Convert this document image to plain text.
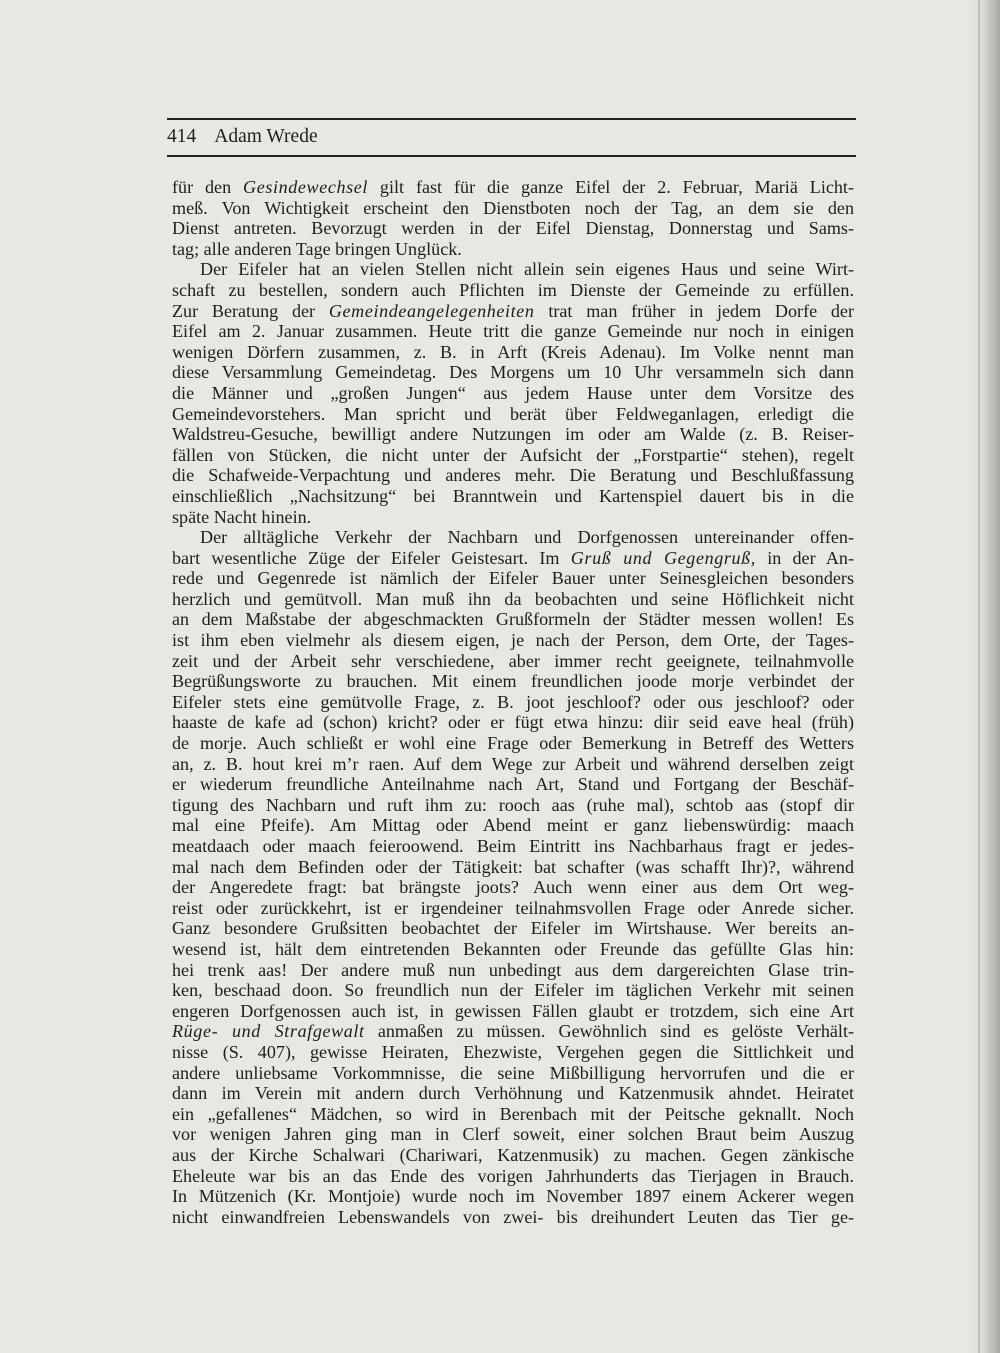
414 Adam Wrede
für den Gesindewechsel gilt fast für die ganze Eifel der 2. Februar, Mariä Licht-
meß. Von Wichtigkeit erscheint den Dienstboten noch der Tag, an dem sie den
Dienst antreten. Bevorzugt werden in der Eifel Dienstag, Donnerstag und Sams-
tag; alle anderen Tage bringen Unglück.
Der Eifeler hat an vielen Stellen nicht allein sein eigenes Haus und seine Wirt-
schaft zu bestellen, sondern auch Pflichten im Dienste der Gemeinde zu erfüllen.
Zur Beratung der Gemeindeangelegenheiten trat man früher in jedem Dorfe der
Eifel am 2. Januar zusammen. Heute tritt die ganze Gemeinde nur noch in einigen
wenigen Dörfern zusammen, z. B. in Arft (Kreis Adenau). Im Volke nennt man
diese Versammlung Gemeindetag. Des Morgens um 10 Uhr versammeln sich dann
die Männer und „großen Jungen“ aus jedem Hause unter dem Vorsitze des
Gemeindevorstehers. Man spricht und berät über Feldweganlagen, erledigt die
Waldstreu-Gesuche, bewilligt andere Nutzungen im oder am Walde (z. B. Reiser-
fällen von Stücken, die nicht unter der Aufsicht der „Forstpartie“ stehen), regelt
die Schafweide-Verpachtung und anderes mehr. Die Beratung und Beschlußfassung
einschließlich „Nachsitzung“ bei Branntwein und Kartenspiel dauert bis in die
späte Nacht hinein.
Der alltägliche Verkehr der Nachbarn und Dorfgenossen untereinander offen-
bart wesentliche Züge der Eifeler Geistesart. Im Gruß und Gegengruß, in der An-
rede und Gegenrede ist nämlich der Eifeler Bauer unter Seinesgleichen besonders
herzlich und gemütvoll. Man muß ihn da beobachten und seine Höflichkeit nicht
an dem Maßstabe der abgeschmackten Grußformeln der Städter messen wollen! Es
ist ihm eben vielmehr als diesem eigen, je nach der Person, dem Orte, der Tages-
zeit und der Arbeit sehr verschiedene, aber immer recht geeignete, teilnahmvolle
Begrüßungsworte zu brauchen. Mit einem freundlichen joode morje verbindet der
Eifeler stets eine gemütvolle Frage, z. B. joot jeschloof? oder ous jeschloof? oder
haaste de kafe ad (schon) kricht? oder er fügt etwa hinzu: diir seid eave heal (früh)
de morje. Auch schließt er wohl eine Frage oder Bemerkung in Betreff des Wetters
an, z. B. hout krei m’r raen. Auf dem Wege zur Arbeit und während derselben zeigt
er wiederum freundliche Anteilnahme nach Art, Stand und Fortgang der Beschäf-
tigung des Nachbarn und ruft ihm zu: rooch aas (ruhe mal), schtob aas (stopf dir
mal eine Pfeife). Am Mittag oder Abend meint er ganz liebenswürdig: maach
meatdaach oder maach feieroowend. Beim Eintritt ins Nachbarhaus fragt er jedes-
mal nach dem Befinden oder der Tätigkeit: bat schafter (was schafft Ihr)?, während
der Angeredete fragt: bat brängste joots? Auch wenn einer aus dem Ort weg-
reist oder zurückkehrt, ist er irgendeiner teilnahmsvollen Frage oder Anrede sicher.
Ganz besondere Grußsitten beobachtet der Eifeler im Wirtshause. Wer bereits an-
wesend ist, hält dem eintretenden Bekannten oder Freunde das gefüllte Glas hin:
hei trenk aas! Der andere muß nun unbedingt aus dem dargereichten Glase trin-
ken, beschaad doon. So freundlich nun der Eifeler im täglichen Verkehr mit seinen
engeren Dorfgenossen auch ist, in gewissen Fällen glaubt er trotzdem, sich eine Art
Rüge- und Strafgewalt anmaßen zu müssen. Gewöhnlich sind es gelöste Verhält-
nisse (S. 407), gewisse Heiraten, Ehezwiste, Vergehen gegen die Sittlichkeit und
andere unliebsame Vorkommnisse, die seine Mißbilligung hervorrufen und die er
dann im Verein mit andern durch Verhöhnung und Katzenmusik ahndet. Heiratet
ein „gefallenes“ Mädchen, so wird in Berenbach mit der Peitsche geknallt. Noch
vor wenigen Jahren ging man in Clerf soweit, einer solchen Braut beim Auszug
aus der Kirche Schalwari (Chariwari, Katzenmusik) zu machen. Gegen zänkische
Eheleute war bis an das Ende des vorigen Jahrhunderts das Tierjagen in Brauch.
In Mützenich (Kr. Montjoie) wurde noch im November 1897 einem Ackerer wegen
nicht einwandfreien Lebenswandels von zwei- bis dreihundert Leuten das Tier ge-
